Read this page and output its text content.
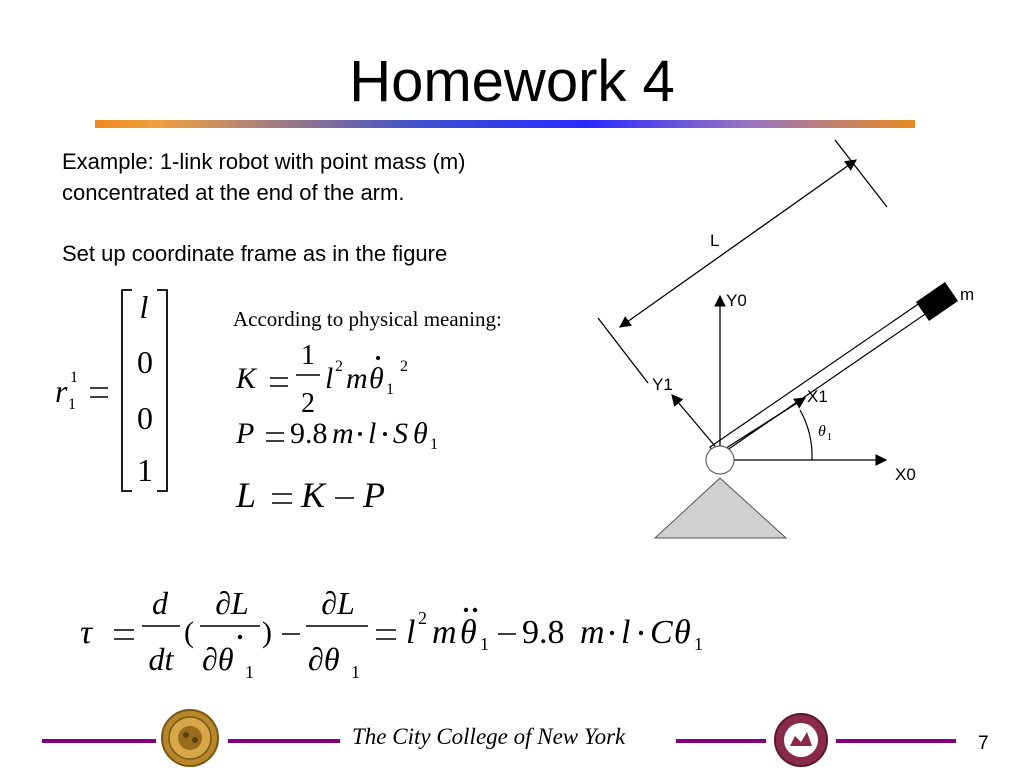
Homework 4
Example: 1-link robot with point mass (m)
concentrated at the end of the arm.
Set up coordinate frame as in the figure
r 1
1
l
0
0
1
According to physical meaning:
K
1
2
l 2 m θ 1
2
P 9.8 m l S θ 1
L K P
L
m
Y0
X0
Y1
X1
θ 1
τ
d
dt
(
∂L
∂θ 1
)
∂L
∂θ 1
l 2 m θ 1 9.8 m l C θ 1
The City College of New York	7
